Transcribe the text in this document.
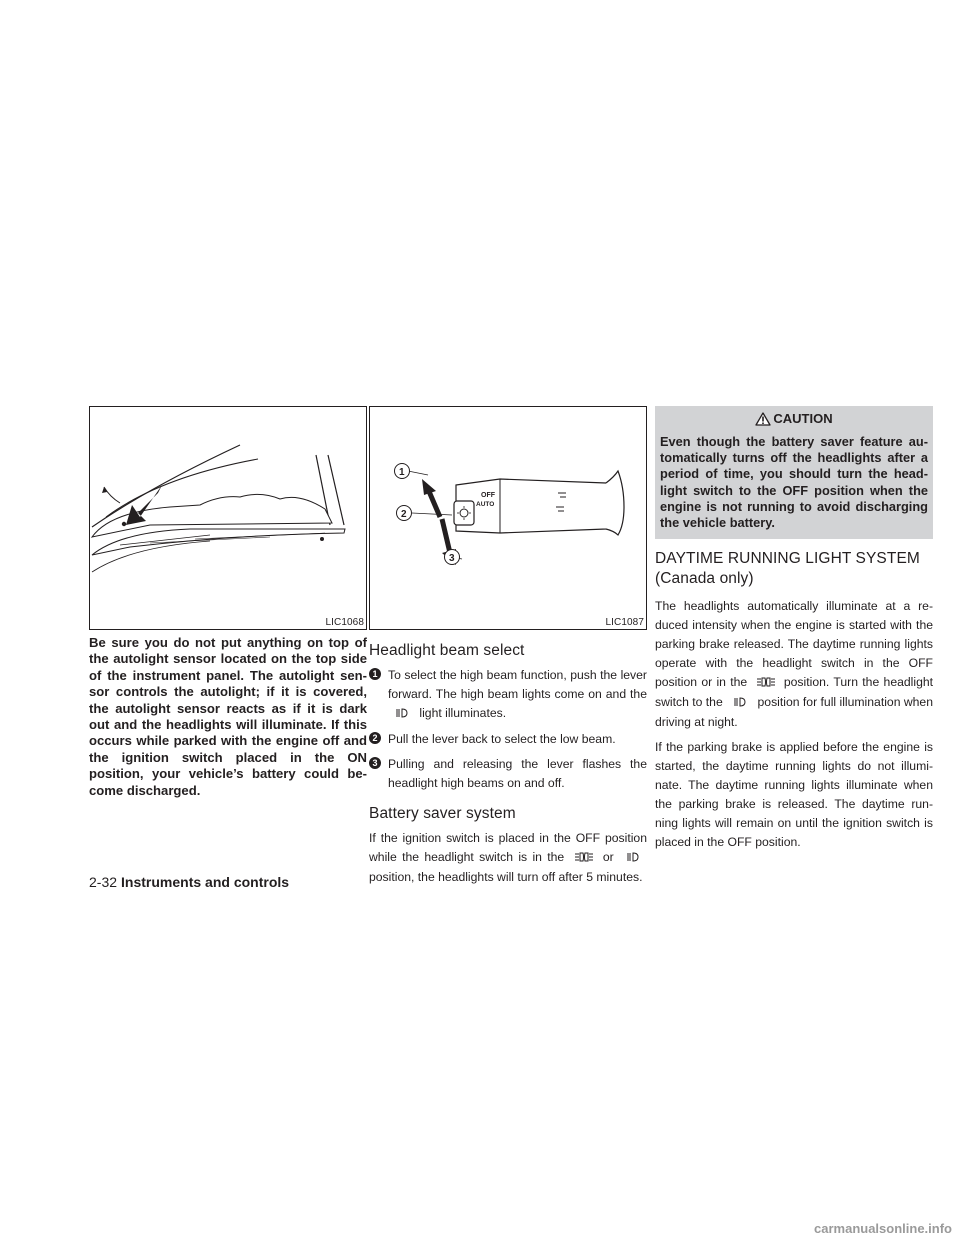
LIC1068

Be sure you do not put anything on top of the autolight sensor located on the top side of the instrument panel. The autolight sen- sor controls the autolight; if it is covered, the autolight sensor reacts as if it is dark out and the headlights will illuminate. If this occurs while parked with the engine off and the ignition switch placed in the ON position, your vehicle’s battery could be- come discharged.

OFF
AUTO
1
2
3
LIC1087
Headlight beam select
1 To select the high beam function, push the lever forward. The high beam lights come on and the  light illuminates.

2 Pull the lever back to select the low beam.

3 Pulling and releasing the lever flashes the headlight high beams on and off.

Battery saver system

If the ignition switch is placed in the OFF position while the headlight switch is in the	or  position, the headlights will turn off after 5 minutes.

CAUTION

Even though the battery saver feature au- tomatically turns off the headlights after a period of time, you should turn the head- light switch to the OFF position when the engine is not running to avoid discharging the vehicle battery.

DAYTIME RUNNING LIGHT SYSTEM
(Canada only)

The headlights automatically illuminate at a re- duced intensity when the engine is started with the parking brake released. The daytime running lights operate with the headlight switch in the OFF position or in the	position. Turn the headlight switch to the	position for full illumination when driving at night.

If the parking brake is applied before the engine is started, the daytime running lights do not illumi- nate. The daytime running lights illuminate when the parking brake is released. The daytime run- ning lights will remain on until the ignition switch is placed in the OFF position.

2-32 Instruments and controls
carmanualsonline.info
